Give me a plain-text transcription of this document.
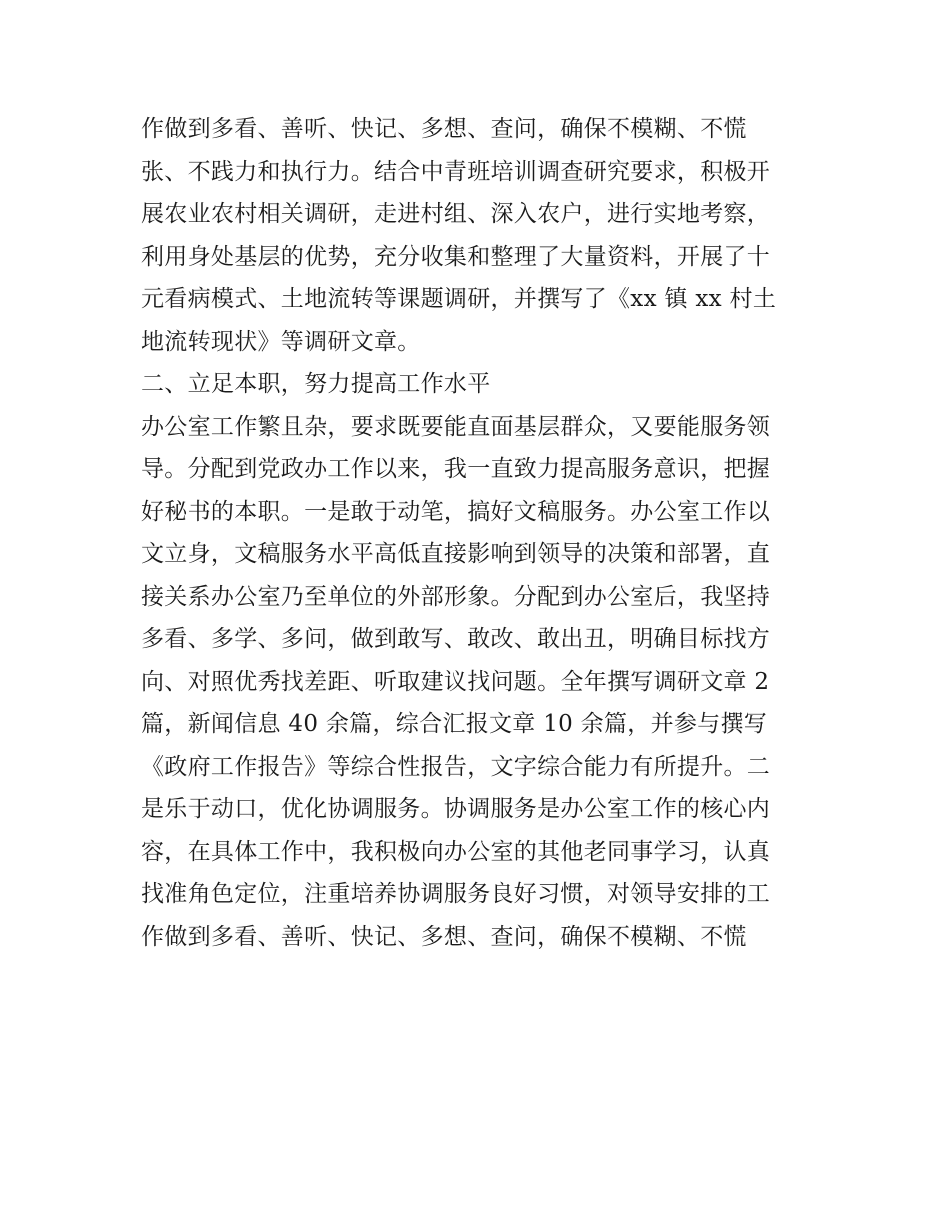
作做到多看、善听、快记、多想、查问，确保不模糊、不慌
张、不践力和执行力。结合中青班培训调查研究要求，积极开
展农业农村相关调研，走进村组、深入农户，进行实地考察，
利用身处基层的优势，充分收集和整理了大量资料，开展了十
元看病模式、土地流转等课题调研，并撰写了《xx 镇 xx 村土
地流转现状》等调研文章。
二、立足本职，努力提高工作水平
办公室工作繁且杂，要求既要能直面基层群众，又要能服务领
导。分配到党政办工作以来，我一直致力提高服务意识，把握
好秘书的本职。一是敢于动笔，搞好文稿服务。办公室工作以
文立身，文稿服务水平高低直接影响到领导的决策和部署，直
接关系办公室乃至单位的外部形象。分配到办公室后，我坚持
多看、多学、多问，做到敢写、敢改、敢出丑，明确目标找方
向、对照优秀找差距、听取建议找问题。全年撰写调研文章 2
篇，新闻信息 40 余篇，综合汇报文章 10 余篇，并参与撰写
《政府工作报告》等综合性报告，文字综合能力有所提升。二
是乐于动口，优化协调服务。协调服务是办公室工作的核心内
容，在具体工作中，我积极向办公室的其他老同事学习，认真
找准角色定位，注重培养协调服务良好习惯，对领导安排的工
作做到多看、善听、快记、多想、查问，确保不模糊、不慌
